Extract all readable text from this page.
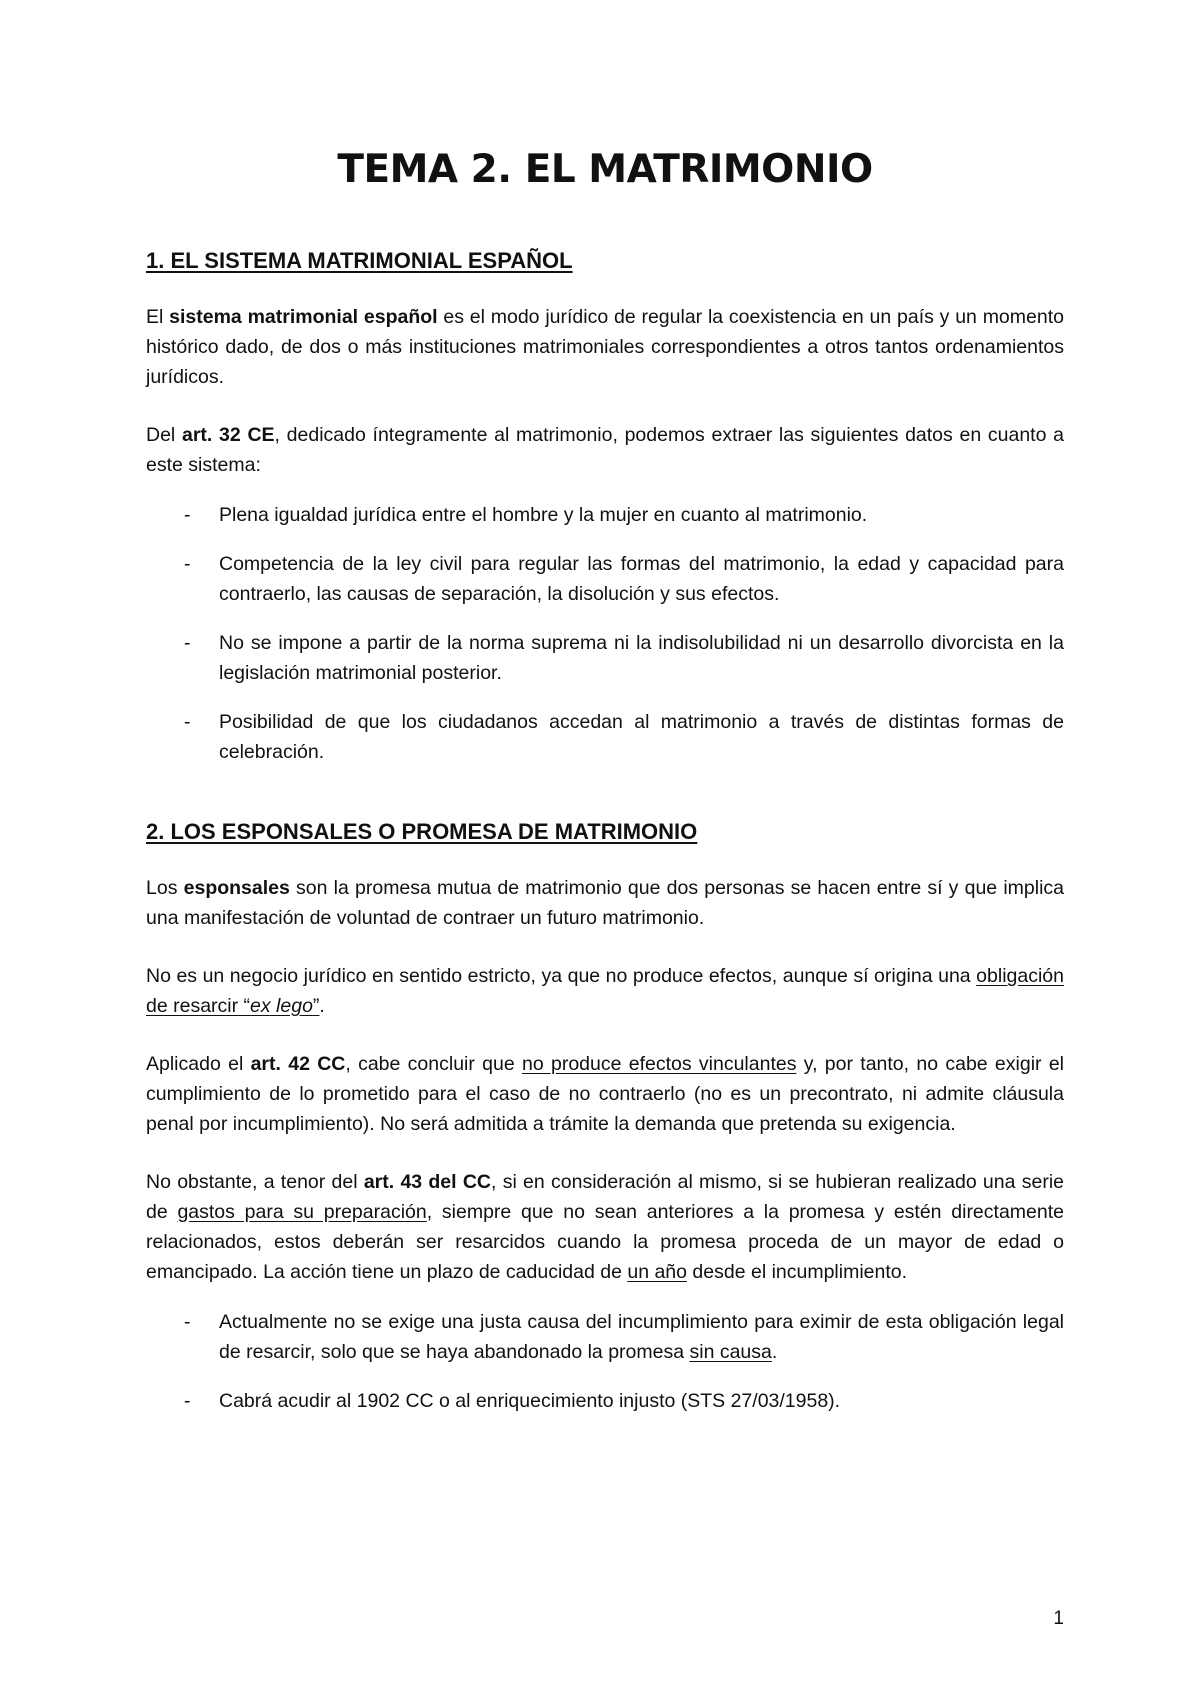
TEMA 2. EL MATRIMONIO
1. EL SISTEMA MATRIMONIAL ESPAÑOL

El sistema matrimonial español es el modo jurídico de regular la coexistencia en un país y un momento histórico dado, de dos o más instituciones matrimoniales correspondientes a otros tantos ordenamientos jurídicos.

Del art. 32 CE, dedicado íntegramente al matrimonio, podemos extraer las siguientes datos en cuanto a este sistema:

- Plena igualdad jurídica entre el hombre y la mujer en cuanto al matrimonio.
- Competencia de la ley civil para regular las formas del matrimonio, la edad y capacidad para contraerlo, las causas de separación, la disolución y sus efectos.
- No se impone a partir de la norma suprema ni la indisolubilidad ni un desarrollo divorcista en la legislación matrimonial posterior.
- Posibilidad de que los ciudadanos accedan al matrimonio a través de distintas formas de celebración.
2. LOS ESPONSALES O PROMESA DE MATRIMONIO

Los esponsales son la promesa mutua de matrimonio que dos personas se hacen entre sí y que implica una manifestación de voluntad de contraer un futuro matrimonio.

No es un negocio jurídico en sentido estricto, ya que no produce efectos, aunque sí origina una obligación de resarcir “ex lego”.

Aplicado el art. 42 CC, cabe concluir que no produce efectos vinculantes y, por tanto, no cabe exigir el cumplimiento de lo prometido para el caso de no contraerlo (no es un precontrato, ni admite cláusula penal por incumplimiento). No será admitida a trámite la demanda que pretenda su exigencia.

No obstante, a tenor del art. 43 del CC, si en consideración al mismo, si se hubieran realizado una serie de gastos para su preparación, siempre que no sean anteriores a la promesa y estén directamente relacionados, estos deberán ser resarcidos cuando la promesa proceda de un mayor de edad o emancipado. La acción tiene un plazo de caducidad de un año desde el incumplimiento.

- Actualmente no se exige una justa causa del incumplimiento para eximir de esta obligación legal de resarcir, solo que se haya abandonado la promesa sin causa.
- Cabrá acudir al 1902 CC o al enriquecimiento injusto (STS 27/03/1958).
1
